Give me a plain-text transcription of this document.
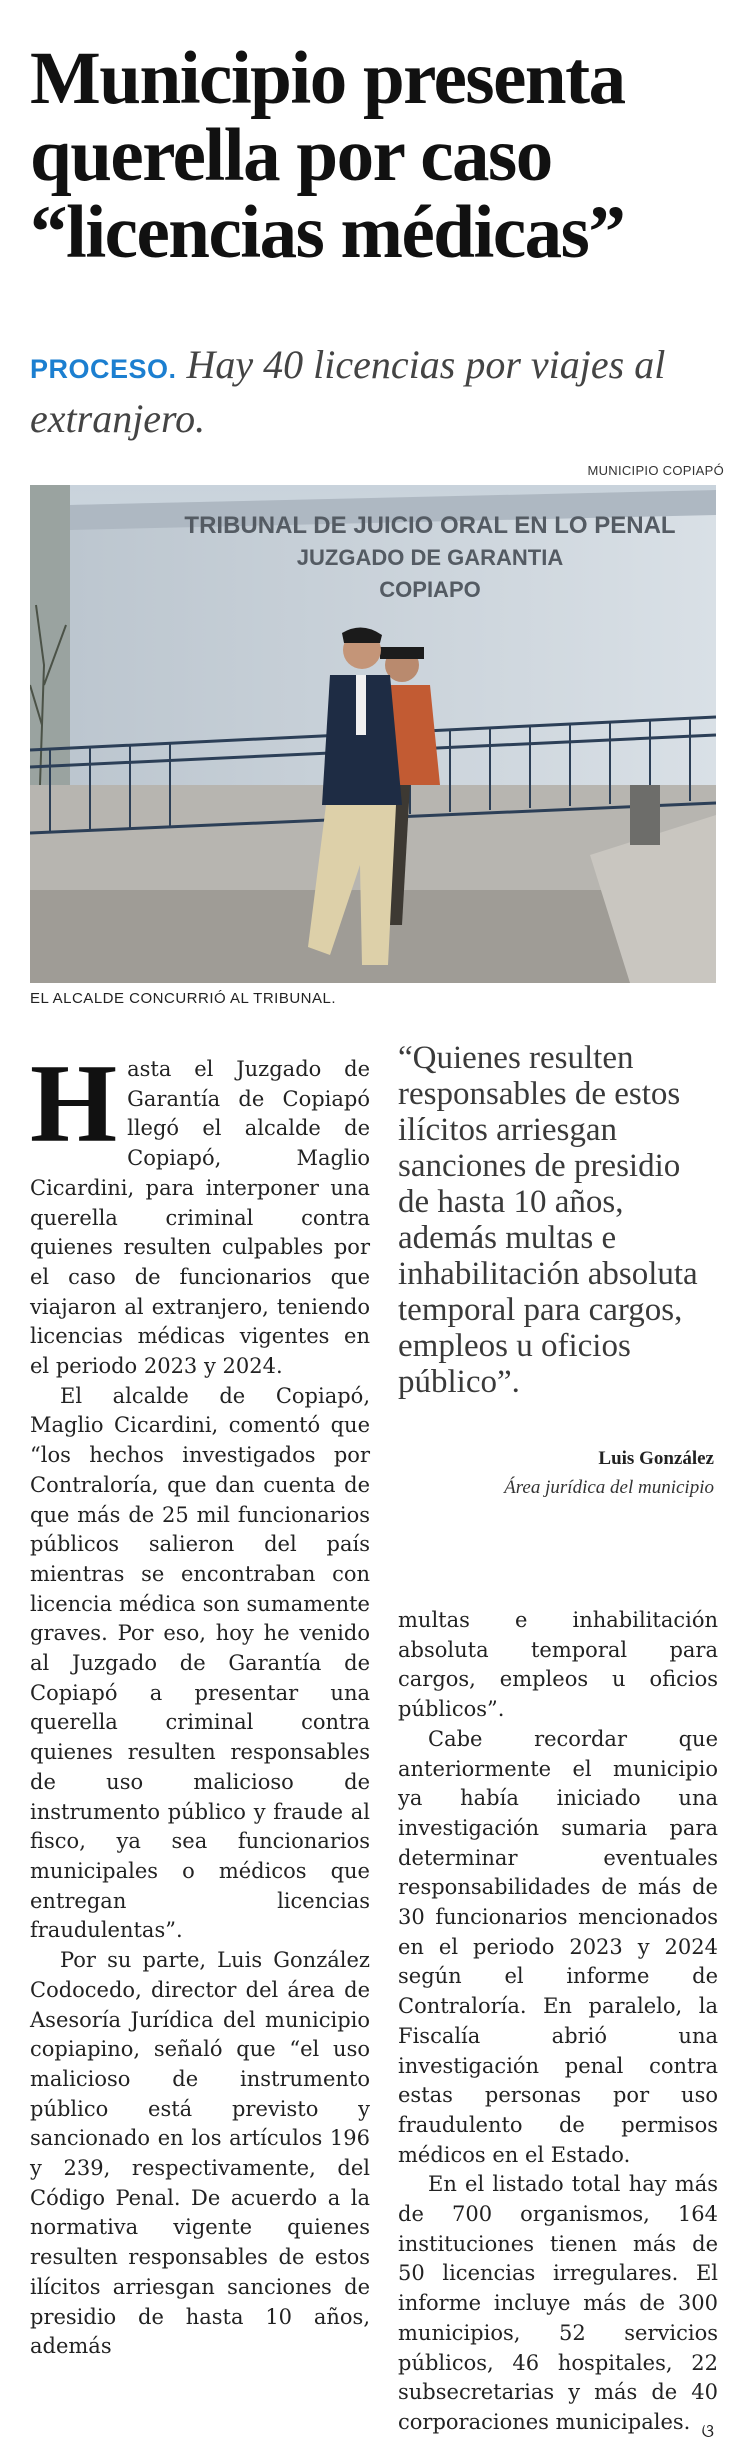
Municipio presenta querella por caso “licencias médicas”
PROCESO. Hay 40 licencias por viajes al extranjero.
MUNICIPIO COPIAPÓ
TRIBUNAL DE JUICIO ORAL EN LO PENAL
JUZGADO DE GARANTIA
COPIAPO
EL ALCALDE CONCURRIÓ AL TRIBUNAL.

Hasta el Juzgado de Garantía de Copiapó llegó el alcalde de Copiapó, Maglio Cicardini, para interponer una querella criminal contra quienes resulten culpables por el caso de funcionarios que viajaron al extranjero, teniendo licencias médicas vigentes en el periodo 2023 y 2024.

El alcalde de Copiapó, Maglio Cicardini, comentó que “los hechos investigados por Contraloría, que dan cuenta de que más de 25 mil funcionarios públicos salieron del país mientras se encontraban con licencia médica son sumamente graves. Por eso, hoy he venido al Juzgado de Garantía de Copiapó a presentar una querella criminal contra quienes resulten responsables de uso malicioso de instrumento público y fraude al fisco, ya sea funcionarios municipales o médicos que entregan licencias fraudulentas”.

Por su parte, Luis González Codocedo, director del área de Asesoría Jurídica del municipio copiapino, señaló que “el uso malicioso de instrumento público está previsto y sancionado en los artículos 196 y 239, respectivamente, del Código Penal. De acuerdo a la normativa vigente quienes resulten responsables de estos ilícitos arriesgan sanciones de presidio de hasta 10 años, además

“Quienes resulten responsables de estos ilícitos arriesgan sanciones de presidio de hasta 10 años, además multas e inhabilitación absoluta temporal para cargos, empleos u oficios público”.
Luis González
Área jurídica del municipio

multas e inhabilitación absoluta temporal para cargos, empleos u oficios públicos”.

Cabe recordar que anteriormente el municipio ya había iniciado una investigación sumaria para determinar eventuales responsabilidades de más de 30 funcionarios mencionados en el periodo 2023 y 2024 según el informe de Contraloría. En paralelo, la Fiscalía abrió una investigación penal contra estas personas por uso fraudulento de permisos médicos en el Estado.

En el listado total hay más de 700 organismos, 164 instituciones tienen más de 50 licencias irregulares. El informe incluye más de 300 municipios, 52 servicios públicos, 46 hospitales, 22 subsecretarias y más de 40 corporaciones municipales. ଓ
